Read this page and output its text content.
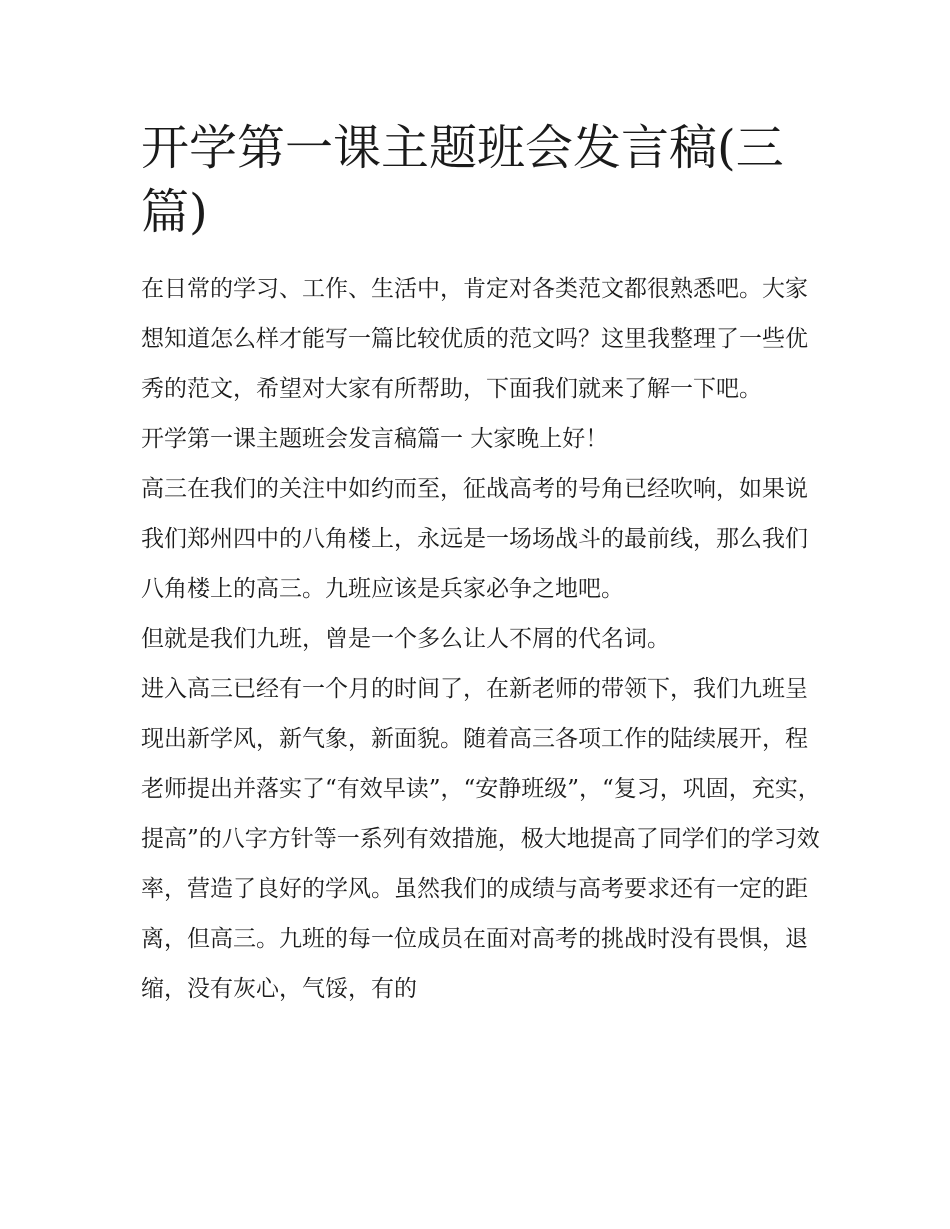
开学第一课主题班会发言稿(三篇)

在日常的学习、工作、生活中，肯定对各类范文都很熟悉吧。大家想知道怎么样才能写一篇比较优质的范文吗？这里我整理了一些优秀的范文，希望对大家有所帮助，下面我们就来了解一下吧。

开学第一课主题班会发言稿篇一 大家晚上好！

高三在我们的关注中如约而至，征战高考的号角已经吹响，如果说我们郑州四中的八角楼上，永远是一场场战斗的最前线，那么我们八角楼上的高三。九班应该是兵家必争之地吧。

但就是我们九班，曾是一个多么让人不屑的代名词。

进入高三已经有一个月的时间了，在新老师的带领下，我们九班呈现出新学风，新气象，新面貌。随着高三各项工作的陆续展开，程老师提出并落实了“有效早读”，“安静班级”，“复习，巩固，充实，提高”的八字方针等一系列有效措施，极大地提高了同学们的学习效率，营造了良好的学风。虽然我们的成绩与高考要求还有一定的距离，但高三。九班的每一位成员在面对高考的挑战时没有畏惧，退缩，没有灰心，气馁，有的
